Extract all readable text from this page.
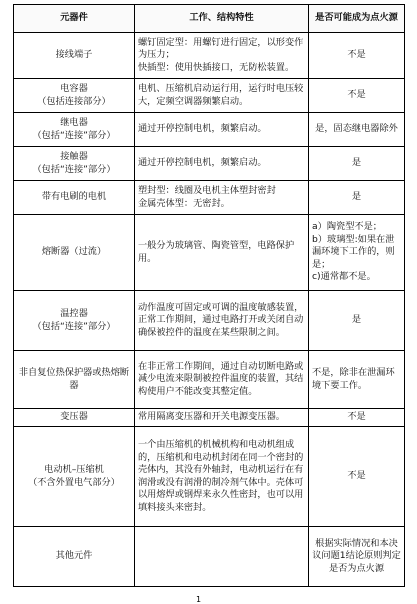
元器件	工作、结构特性	是否可能成为点火源
接线端子	螺钉固定型：用螺钉进行固定，以形变作为压力；
快插型：使用快插接口，无防松装置。	不是
电容器
（包括连接部分）	电机、压缩机启动运行用，运行时电压较大，定频空调器频繁启动。	不是
继电器
（包括“连接”部分）	通过开停控制电机，频繁启动。	是，固态继电器除外
接触器
（包括“连接”部分）	通过开停控制电机，频繁启动。	是
带有电刷的电机	塑封型：线圈及电机主体塑封密封
金属壳体型：无密封。	是
熔断器（过流）	一般分为玻璃管、陶瓷管型，电路保护用。	a）陶瓷型不是；
b）玻璃型:如果在泄漏环境下工作的，则是；
c)通常都不是。
温控器
（包括“连接”部分）	动作温度可固定或可调的温度敏感装置，正常工作期间，通过电路打开或关闭自动确保被控件的温度在某些限制之间。	是
非自复位热保护器或热熔断器	在非正常工作期间，通过自动切断电路或减少电流来限制被控件温度的装置，其结构使用户不能改变其整定值。	不是，除非在泄漏环境下要工作。
变压器	常用隔离变压器和开关电源变压器。	不是
电动机–压缩机
（不含外置电气部分）	一个由压缩机的机械机构和电动机组成的，压缩机和电动机封闭在同一个密封的壳体内，其没有外轴封，电动机运行在有润滑或没有润滑的制冷剂气体中。壳体可以用熔焊或钢焊来永久性密封，也可以用填料接头来密封。	不是
其他元件		根据实际情况和本决议问题1结论原则判定是否为点火源
1
